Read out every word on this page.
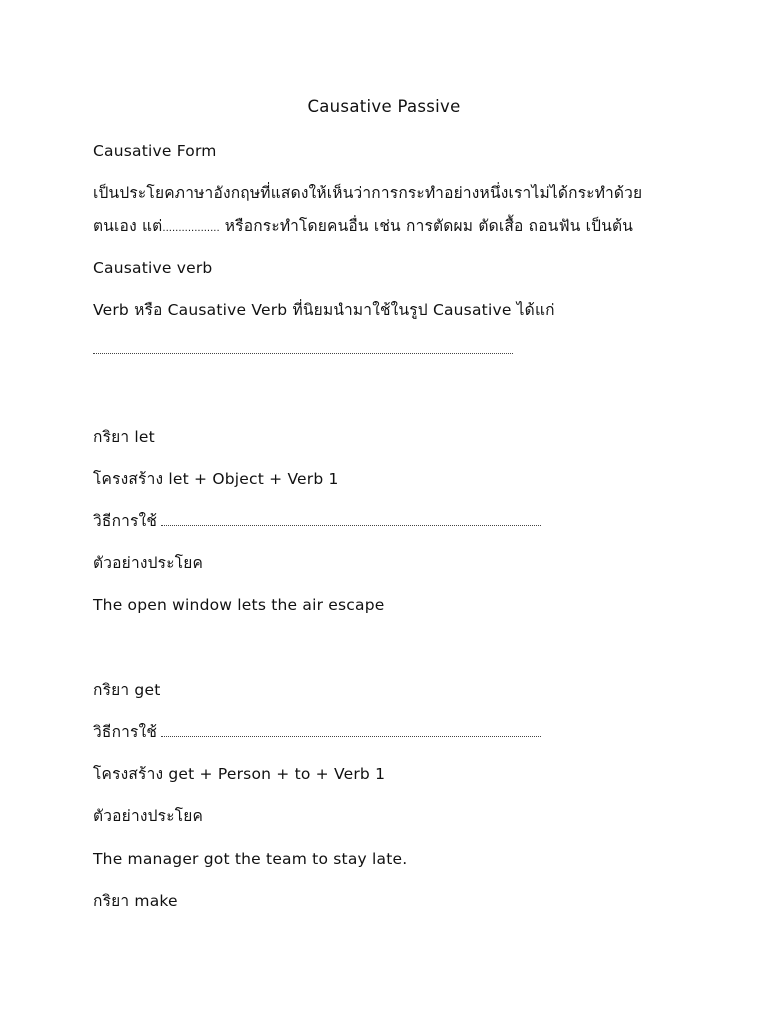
Causative Passive
Causative Form
เป็นประโยคภาษาอังกฤษที่แสดงให้เห็นว่าการกระทำอย่างหนึ่งเราไม่ได้กระทำด้วย
ตนเอง แต่.................. หรือกระทำโดยคนอื่น เช่น การตัดผม ตัดเสื้อ ถอนฟัน เป็นต้น
Causative verb
Verb หรือ Causative Verb ที่นิยมนำมาใช้ในรูป Causative ได้แก่
กริยา let
โครงสร้าง let + Object + Verb 1
วิธีการใช้
ตัวอย่างประโยค
The open window lets the air escape
กริยา get
วิธีการใช้
โครงสร้าง get + Person + to + Verb 1
ตัวอย่างประโยค
The manager got the team to stay late.
กริยา make
